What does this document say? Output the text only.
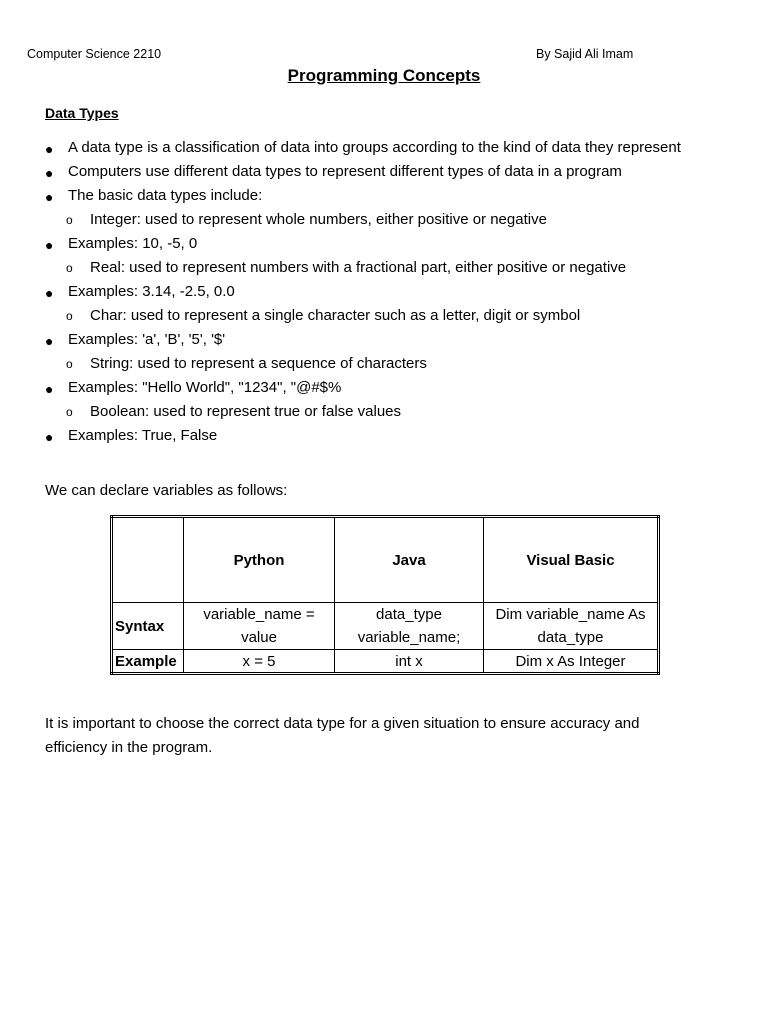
Computer Science 2210	By Sajid Ali Imam
Programming Concepts
Data Types
● A data type is a classification of data into groups according to the kind of data they represent
● Computers use different data types to represent different types of data in a program
● The basic data types include:
o Integer: used to represent whole numbers, either positive or negative
● Examples: 10, -5, 0
o Real: used to represent numbers with a fractional part, either positive or negative
● Examples: 3.14, -2.5, 0.0
o Char: used to represent a single character such as a letter, digit or symbol
● Examples: 'a', 'B', '5', '$'
o String: used to represent a sequence of characters
● Examples: "Hello World", "1234", "@#$%
o Boolean: used to represent true or false values
● Examples: True, False
We can declare variables as follows:
	Python	Java	Visual Basic
Syntax	variable_name = value	data_type variable_name;	Dim variable_name As data_type
Example	x = 5	int x	Dim x As Integer
It is important to choose the correct data type for a given situation to ensure accuracy and efficiency in the program.
